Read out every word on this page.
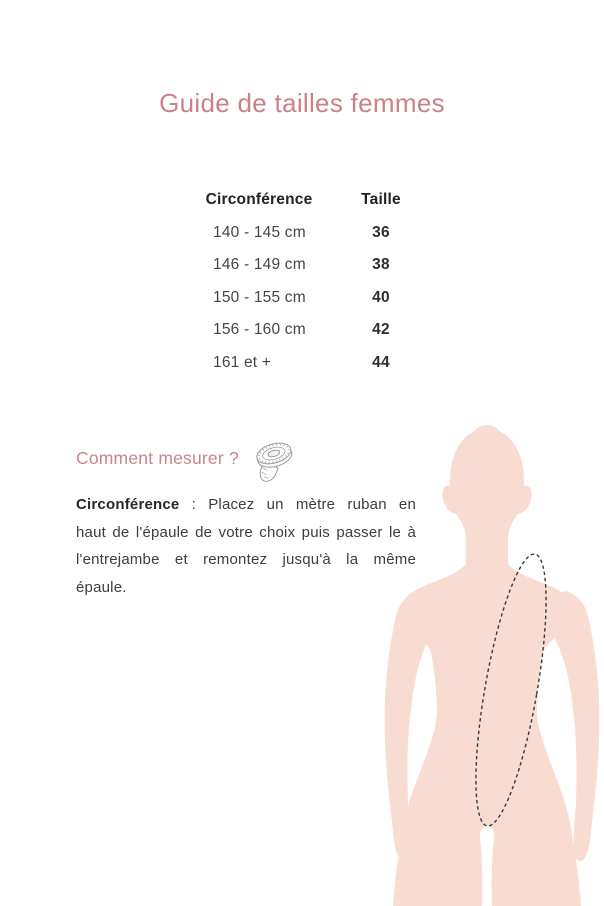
Guide de tailles femmes
Circonférence	Taille
140 - 145 cm	36
146 - 149 cm	38
150 - 155 cm	40
156 - 160 cm	42
161 et +	44
Comment mesurer ?
Circonférence : Placez un mètre ruban en
haut de l'épaule de votre choix puis passer le à
l'entrejambe et remontez jusqu'à la même
épaule.
